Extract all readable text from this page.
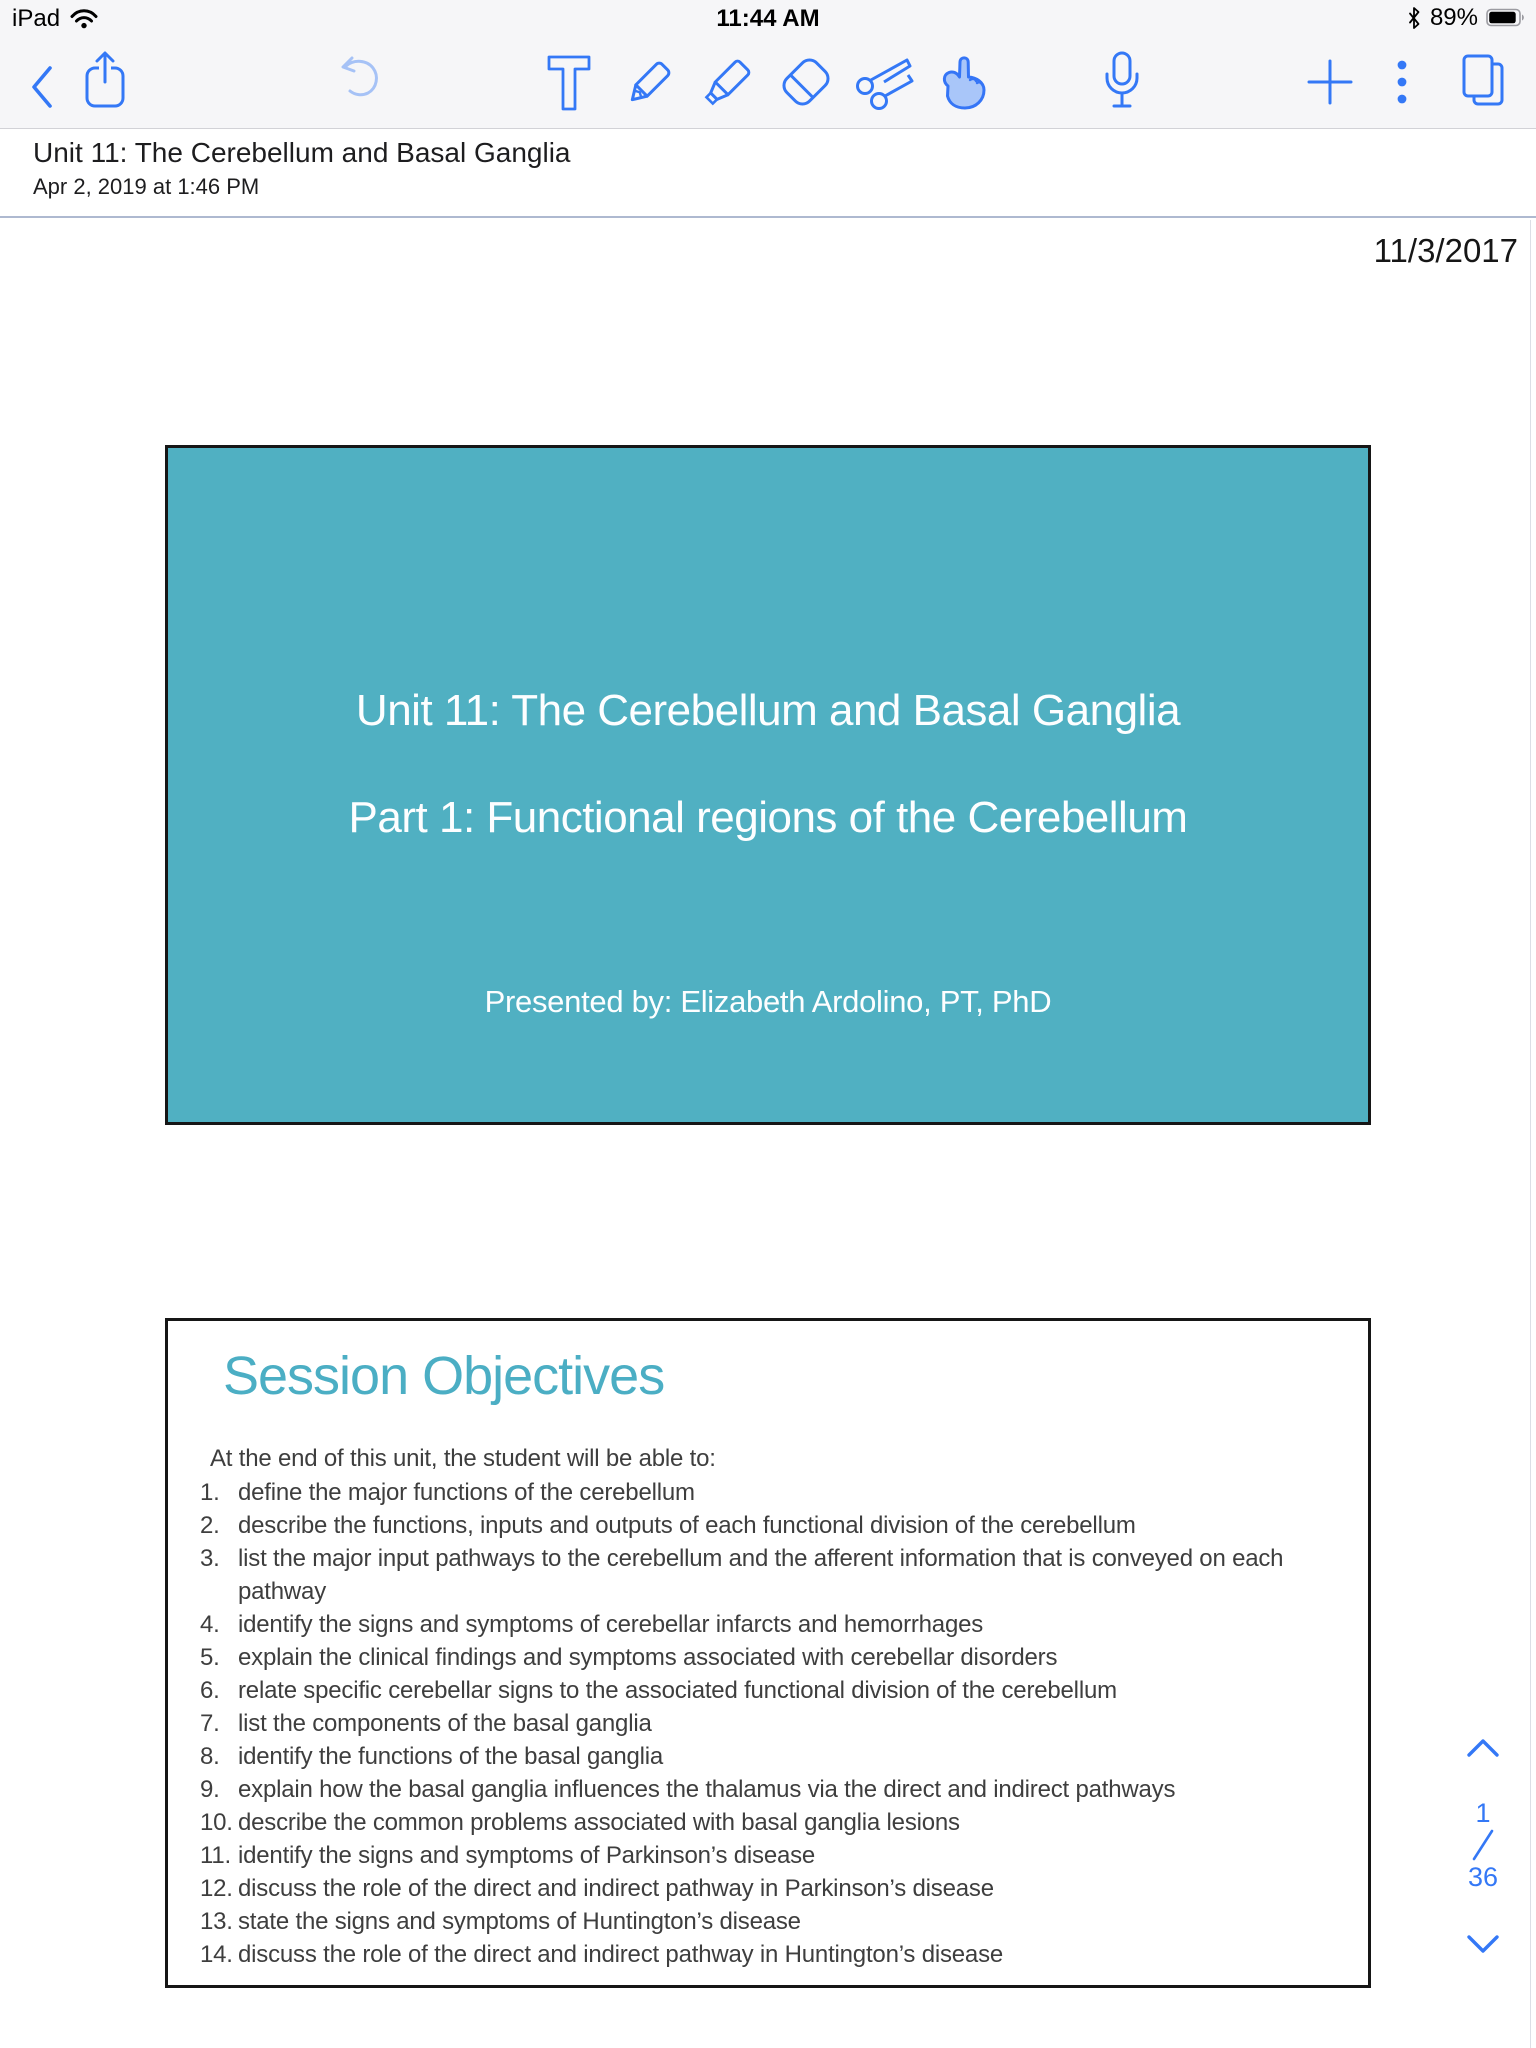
iPad	11:44 AM	89%
Unit 11: The Cerebellum and Basal Ganglia
Apr 2, 2019 at 1:46 PM
11/3/2017
Unit 11: The Cerebellum and Basal Ganglia
Part 1: Functional regions of the Cerebellum
Presented by: Elizabeth Ardolino, PT, PhD
Session Objectives
At the end of this unit, the student will be able to:
define the major functions of the cerebellum
describe the functions, inputs and outputs of each functional division of the cerebellum
list the major input pathways to the cerebellum and the afferent information that is conveyed on each pathway
identify the signs and symptoms of cerebellar infarcts and hemorrhages
explain the clinical findings and symptoms associated with cerebellar disorders
relate specific cerebellar signs to the associated functional division of the cerebellum
list the components of the basal ganglia
identify the functions of the basal ganglia
explain how the basal ganglia influences the thalamus via the direct and indirect pathways
describe the common problems associated with basal ganglia lesions
identify the signs and symptoms of Parkinson’s disease
discuss the role of the direct and indirect pathway in Parkinson’s disease
state the signs and symptoms of Huntington’s disease
discuss the role of the direct and indirect pathway in Huntington’s disease
1
36
